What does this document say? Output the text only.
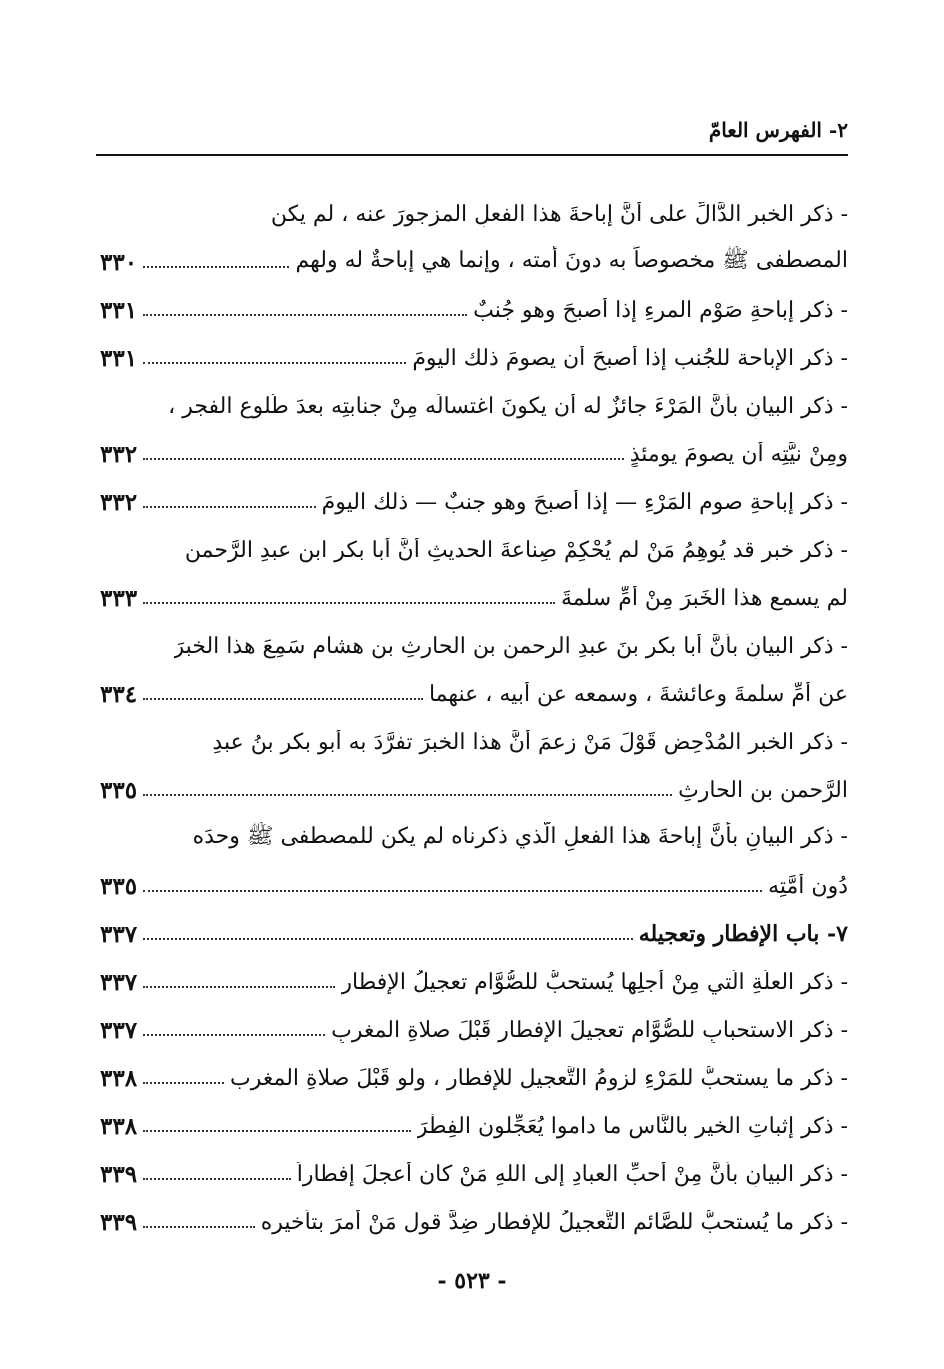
٢- الفهرس العامّ
- ذكر الخبرِ الدَّالِّ على أنَّ إباحةَ هذا الفعلِ المزجورَ عنه ، لم يكن
المصطفى ﷺ مخصوصاً به دونَ أمته ، وإنما هي إباحةٌ له ولهم
٣٣٠
- ذكر إباحةِ صَوْمِ المرءِ إذا أصبحَ وهو جُنبٌ
٣٣١
- ذكر الإباحة للجُنب إذا أصبحَ أن يصومَ ذلك اليومَ
٣٣١
- ذكر البيانِ بأنَّ المَرْءَ جائزٌ له أن يكونَ اغتسالُه مِنْ جنابتِه بعدَ طُلوعِ الفجرِ ،
ومِنْ نيَّتِه أن يصومَ يومئذٍ
٣٣٢
- ذكر إباحةِ صومِ المَرْءِ — إذا أصبحَ وهو جنبٌ — ذلك اليومَ
٣٣٢
- ذكر خبرٍ قد يُوهِمُ مَنْ لم يُحْكِمْ صِناعةَ الحديثِ أنَّ أبا بكرِ ابن عبدِ الرَّحمن
لم يسمع هذا الخَبرَ مِنْ أمِّ سلمةَ
٣٣٣
- ذكر البيانِ بأنَّ أبا بكرِ بنَ عبدِ الرحمن بن الحارثِ بنِ هشامٍ سَمِعَ هذا الخبرَ
عن أمِّ سلمةَ وعائشةَ ، وسمعه عن أبيه ، عنهما
٣٣٤
- ذكر الخبرِ المُدْحِضِ قَوْلَ مَنْ زعمَ أنَّ هذا الخبرَ تفرَّدَ به أبو بكرِ بنُ عبدِ
الرَّحمن بن الحارثِ
٣٣٥
- ذكر البيانِ بأنَّ إباحةَ هذا الفعلِ الَّذي ذكرناه لم يكن للمصطفى ﷺ وحدَه
دُون أُمَّتِه
٣٣٥
٧- باب الإفطار وتعجيله
٣٣٧
- ذكر العلَّةِ الَّتي مِنْ أجلِها يُستحبُّ للصُّوَّام تعجيلُ الإفطار
٣٣٧
- ذكر الاستحبابِ للصُّوَّام تعجيلَ الإفطارِ قَبْلَ صلاةِ المغربِ
٣٣٧
- ذكر ما يستحبُّ للمَرْءِ لزومُ التَّعجيلِ للإفطار ، ولو قَبْلَ صلاةِ المغرب
٣٣٨
- ذكر إثباتِ الخيرِ بالنَّاسِ ما داموا يُعَجِّلون الفِطْرَ
٣٣٨
- ذكر البيانِ بأنَّ مِنْ أحبِّ العبادِ إلى اللهِ مَنْ كان أعجلَ إفطاراً
٣٣٩
- ذكر ما يُستحبُّ للصَّائمِ التَّعجيلُ للإفطارِ ضِدَّ قول مَنْ أمرَ بتأخيرِه
٣٣٩
- ٥٢٣ -
